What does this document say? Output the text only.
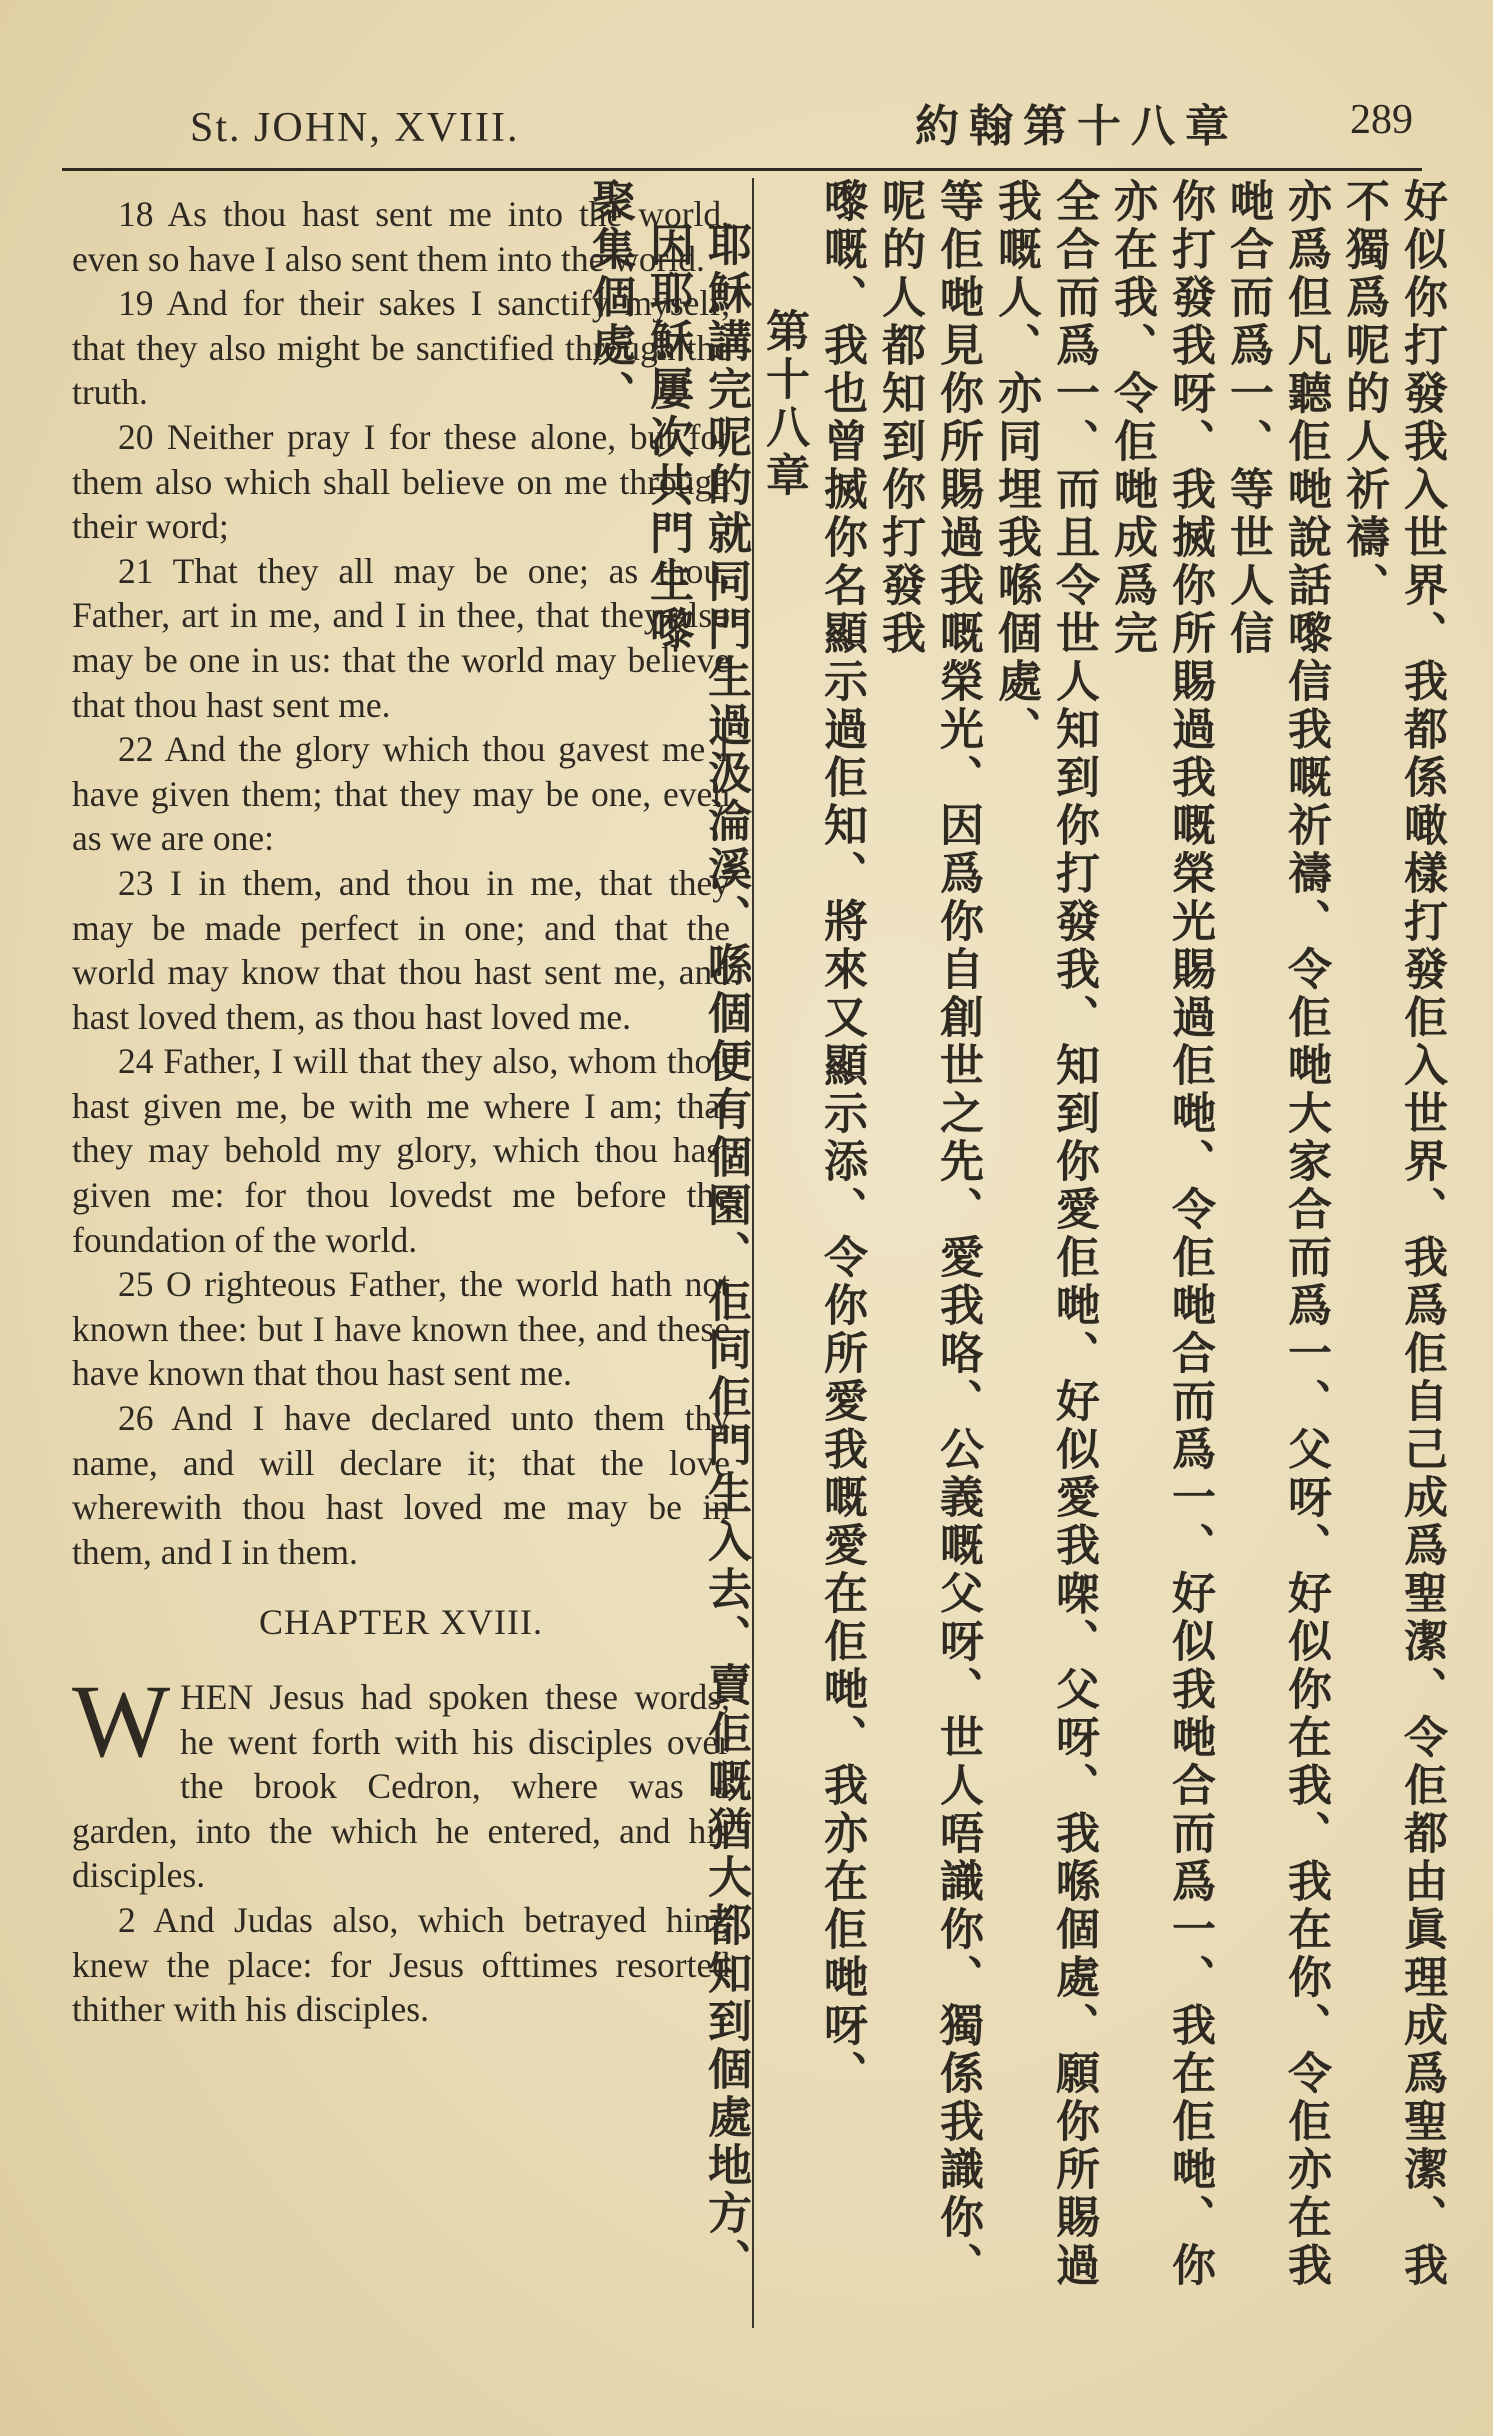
St. JOHN, XVIII.	約翰第十八章	289

18 As thou hast sent me into the world, even so have I also sent them into the world.

19 And for their sakes I sanctify myself, that they also might be sanctified through the truth.

20 Neither pray I for these alone, but for them also which shall believe on me through their word;

21 That they all may be one; as thou, Father, art in me, and I in thee, that they also may be one in us: that the world may believe that thou hast sent me.

22 And the glory which thou gavest me I have given them; that they may be one, even as we are one:

23 I in them, and thou in me, that they may be made perfect in one; and that the world may know that thou hast sent me, and hast loved them, as thou hast loved me.

24 Father, I will that they also, whom thou hast given me, be with me where I am; that they may behold my glory, which thou hast given me: for thou lovedst me before the foundation of the world.

25 O righteous Father, the world hath not known thee: but I have known thee, and these have known that thou hast sent me.

26 And I have declared unto them thy name, and will declare it; that the love wherewith thou hast loved me may be in them, and I in them.

CHAPTER XVIII.

WHEN Jesus had spoken these words, he went forth with his disciples over the brook Cedron, where was a garden, into the which he entered, and his disciples.

2 And Judas also, which betrayed him, knew the place: for Jesus ofttimes resorted thither with his disciples.	好似你打發我入世界、我都係噉樣打發佢入世界、我爲佢自己成爲聖潔、令佢都由眞理成爲聖潔、我不獨爲呢的人祈禱、

亦爲但凡聽佢哋說話嚟信我嘅祈禱、令佢哋大家合而爲一、父呀、好似你在我、我在你、令佢亦在我哋合而爲一、等世人信

你打發我呀、我搣你所賜過我嘅榮光賜過佢哋、令佢哋合而爲一、好似我哋合而爲一、我在佢哋、你亦在我、令佢哋成爲完

全合而爲一、而且令世人知到你打發我、知到你愛佢哋、好似愛我㗎、父呀、我喺個處、願你所賜過我嘅人、亦同埋我喺個處、

等佢哋見你所賜過我嘅榮光、因爲你自創世之先、愛我咯、公義嘅父呀、世人唔識你、獨係我識你、呢的人都知到你打發我

嚟嘅、我也曾搣你名顯示過佢知、將來又顯示添、令你所愛我嘅愛在佢哋、我亦在佢哋呀、

第十八章

耶穌講完呢的就同門生過汲淪溪、喺個便有個園、佢同佢門生入去、賣佢嘅猶大都知到個處地方、因耶穌屢次共門生嚟

聚集個處、
